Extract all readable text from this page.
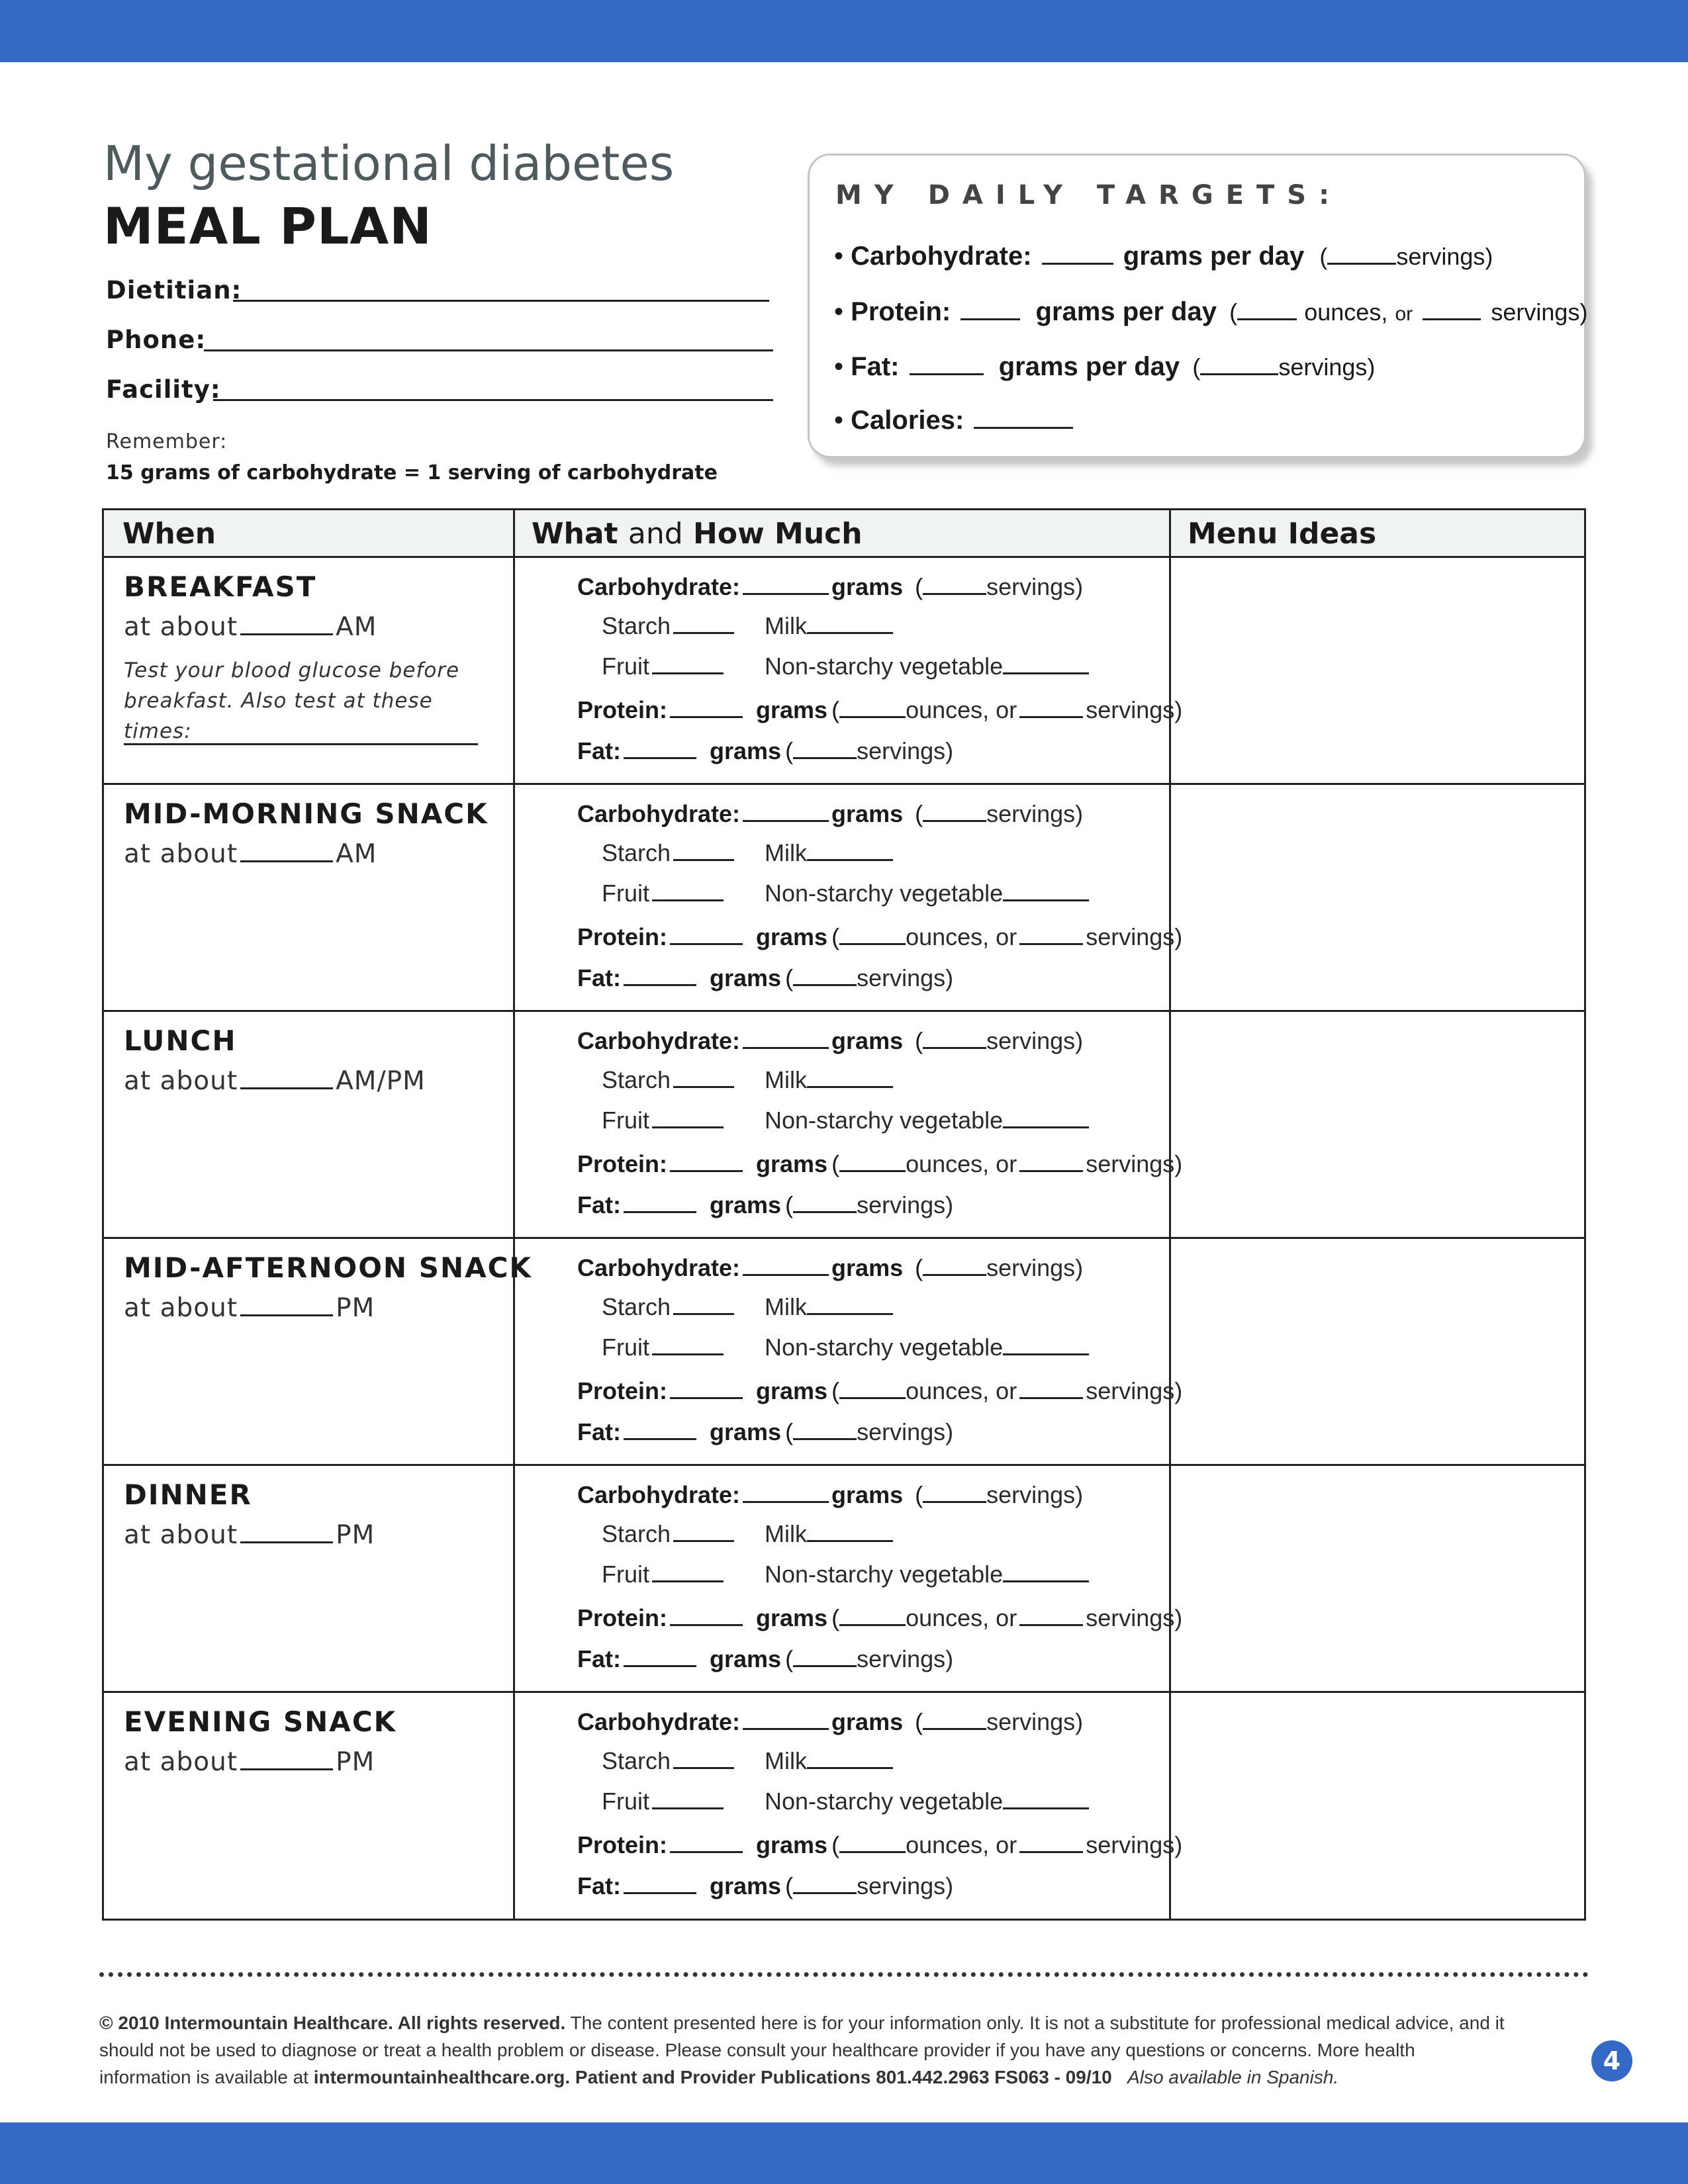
My gestational diabetes
MEAL PLAN
Dietitian:
Phone:
Facility:
Remember:
15 grams of carbohydrate = 1 serving of carbohydrate
MY DAILY TARGETS:
• Carbohydrate:	grams per day (	servings)
• Protein:	grams per day (	ounces, or	servings)
• Fat:	grams per day (	servings)
• Calories:
When	What and How Much	Menu Ideas
BREAKFAST
at about	AM
Test your blood glucose before breakfast. Also test at these times:
Carbohydrate:	grams (	servings)
Starch	Milk
Fruit	Non-starchy vegetable
Protein:	grams (	ounces, or	servings)
Fat:	grams (	servings)
MID-MORNING SNACK
at about	AM
Carbohydrate:	grams (	servings)
Starch	Milk
Fruit	Non-starchy vegetable
Protein:	grams (	ounces, or	servings)
Fat:	grams (	servings)
LUNCH
at about	AM/PM
Carbohydrate:	grams (	servings)
Starch	Milk
Fruit	Non-starchy vegetable
Protein:	grams (	ounces, or	servings)
Fat:	grams (	servings)
MID-AFTERNOON SNACK
at about	PM
Carbohydrate:	grams (	servings)
Starch	Milk
Fruit	Non-starchy vegetable
Protein:	grams (	ounces, or	servings)
Fat:	grams (	servings)
DINNER
at about	PM
Carbohydrate:	grams (	servings)
Starch	Milk
Fruit	Non-starchy vegetable
Protein:	grams (	ounces, or	servings)
Fat:	grams (	servings)
EVENING SNACK
at about	PM
Carbohydrate:	grams (	servings)
Starch	Milk
Fruit	Non-starchy vegetable
Protein:	grams (	ounces, or	servings)
Fat:	grams (	servings)
© 2010 Intermountain Healthcare. All rights reserved. The content presented here is for your information only. It is not a substitute for professional medical advice, and it should not be used to diagnose or treat a health problem or disease. Please consult your healthcare provider if you have any questions or concerns. More health information is available at intermountainhealthcare.org. Patient and Provider Publications 801.442.2963 FS063 - 09/10 Also available in Spanish.
4
